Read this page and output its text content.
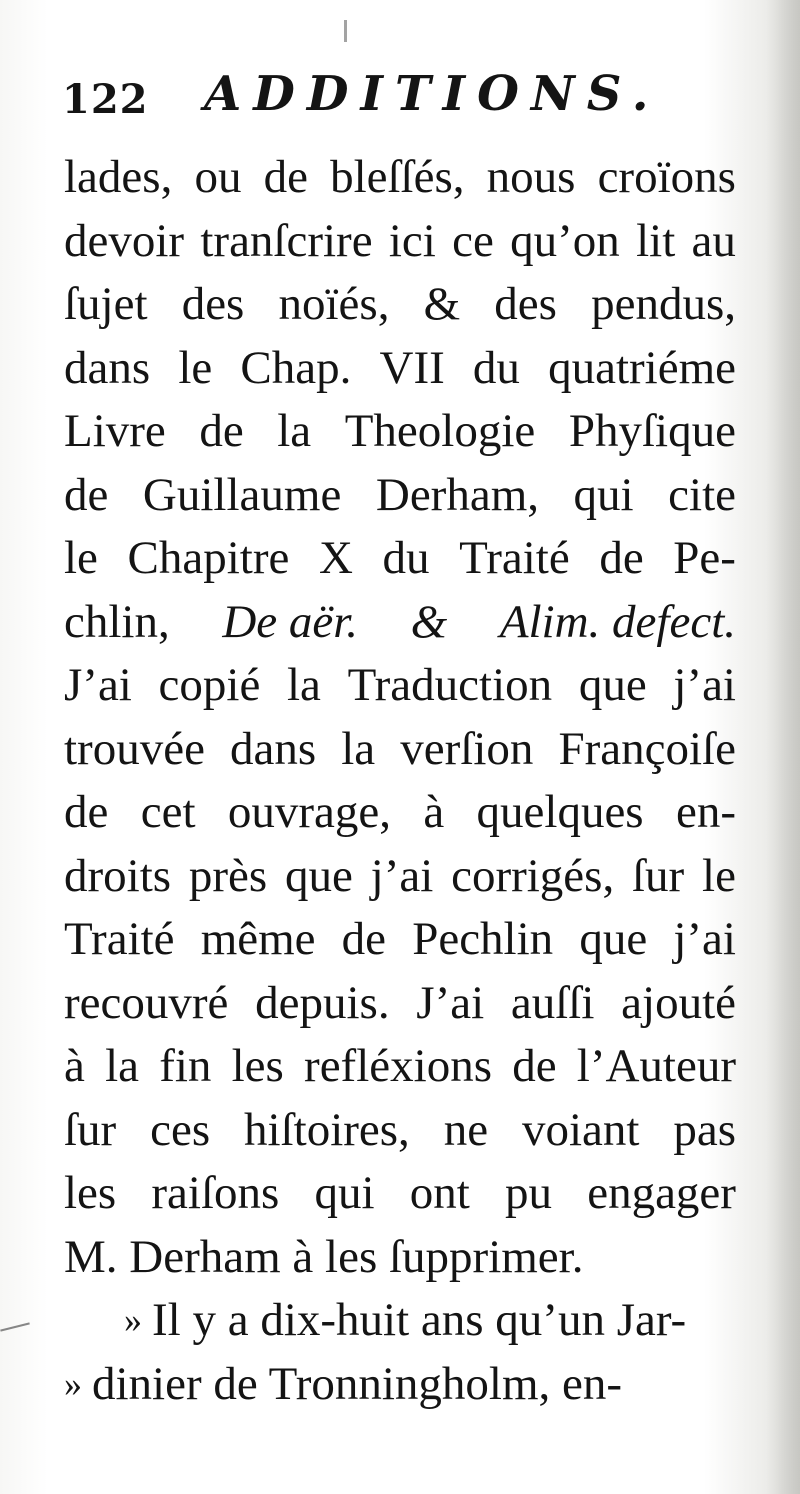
122 ADDITIONS.
lades, ou de bleſſés, nous croïons
devoir tranſcrire ici ce qu’on lit au
ſujet des noïés, & des pendus,
dans le Chap. VII du quatriéme
Livre de la Theologie Phyſique
de Guillaume Derham, qui cite
le Chapitre X du Traité de Pe-
chlin, De aër. & Alim. defect.
J’ai copié la Traduction que j’ai
trouvée dans la verſion Françoiſe
de cet ouvrage, à quelques en-
droits près que j’ai corrigés, ſur le
Traité même de Pechlin que j’ai
recouvré depuis. J’ai auſſi ajouté
à la fin les refléxions de l’Auteur
ſur ces hiſtoires, ne voiant pas
les raiſons qui ont pu engager
M. Derham à les ſupprimer.
» Il y a dix-huit ans qu’un Jar-
» dinier de Tronningholm, en-
